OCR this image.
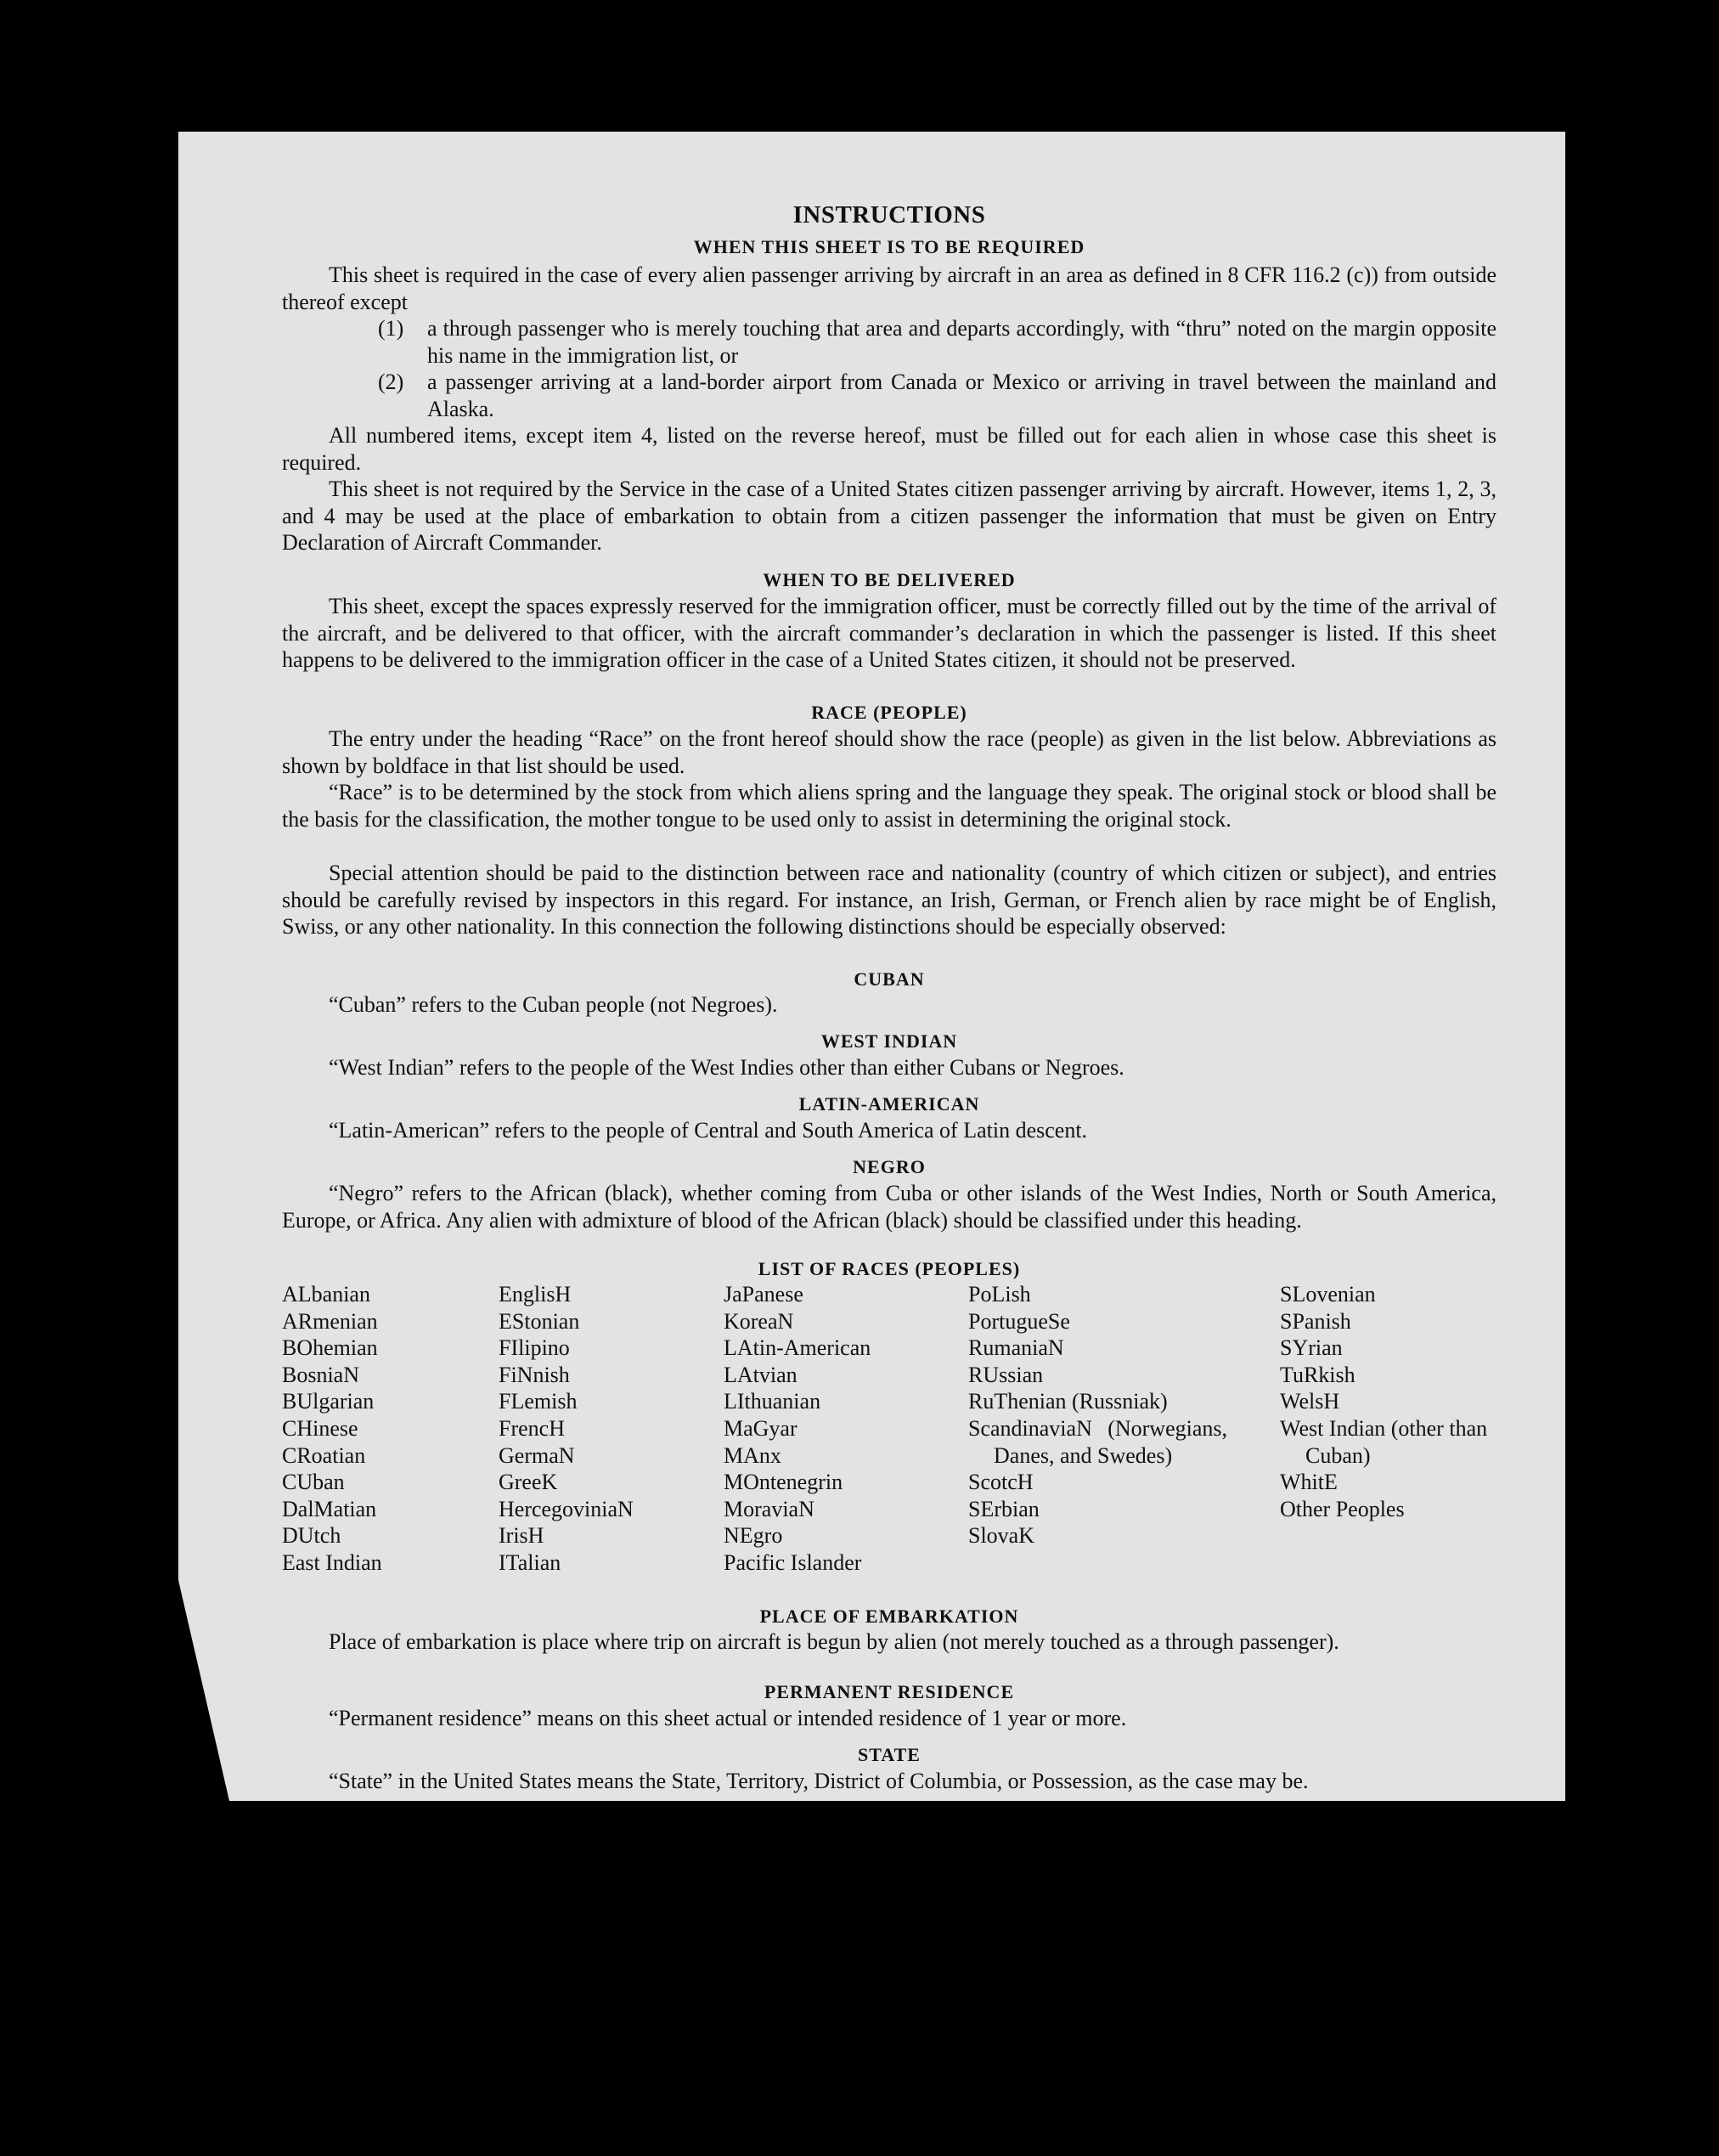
INSTRUCTIONS
WHEN THIS SHEET IS TO BE REQUIRED

This sheet is required in the case of every alien passenger arriving by aircraft in an area as defined in 8 CFR 116.2 (c)) from outside thereof except

(1) a through passenger who is merely touching that area and departs accordingly, with “thru” noted on the margin opposite his name in the immigration list, or

(2) a passenger arriving at a land-border airport from Canada or Mexico or arriving in travel between the mainland and Alaska.

All numbered items, except item 4, listed on the reverse hereof, must be filled out for each alien in whose case this sheet is required.

This sheet is not required by the Service in the case of a United States citizen passenger arriving by aircraft. However, items 1, 2, 3, and 4 may be used at the place of embarkation to obtain from a citizen passenger the information that must be given on Entry Declaration of Aircraft Commander.

WHEN TO BE DELIVERED

This sheet, except the spaces expressly reserved for the immigration officer, must be correctly filled out by the time of the arrival of the aircraft, and be delivered to that officer, with the aircraft commander’s declaration in which the passenger is listed. If this sheet happens to be delivered to the immigration officer in the case of a United States citizen, it should not be preserved.

RACE (PEOPLE)

The entry under the heading “Race” on the front hereof should show the race (people) as given in the list below. Abbreviations as shown by boldface in that list should be used.

“Race” is to be determined by the stock from which aliens spring and the language they speak. The original stock or blood shall be the basis for the classification, the mother tongue to be used only to assist in determining the original stock.

Special attention should be paid to the distinction between race and nationality (country of which citizen or subject), and entries should be carefully revised by inspectors in this regard. For instance, an Irish, German, or French alien by race might be of English, Swiss, or any other nationality. In this connection the following distinctions should be especially observed:

CUBAN

“Cuban” refers to the Cuban people (not Negroes).

WEST INDIAN

“West Indian” refers to the people of the West Indies other than either Cubans or Negroes.

LATIN-AMERICAN

“Latin-American” refers to the people of Central and South America of Latin descent.

NEGRO

“Negro” refers to the African (black), whether coming from Cuba or other islands of the West Indies, North or South America, Europe, or Africa. Any alien with admixture of blood of the African (black) should be classified under this heading.

LIST OF RACES (PEOPLES)
ALbanian
ARmenian
BOhemian
BosniaN
BUlgarian
CHinese
CRoatian
CUban
DalMatian
DUtch
East Indian
EnglisH
EStonian
FIlipino
FiNnish
FLemish
FrencH
GermaN
GreeK
HercegoviniaN
IrisH
ITalian
JaPanese
KoreaN
LAtin-American
LAtvian
LIthuanian
MaGyar
MAnx
MOntenegrin
MoraviaN
NEgro
Pacific Islander
PoLish
PortugueSe
RumaniaN
RUssian
RuThenian (Russniak)
ScandinaviaN (Norwegians, Danes, and Swedes)
ScotcH
SErbian
SlovaK
SLovenian
SPanish
SYrian
TuRkish
WelsH
West Indian (other than Cuban)
WhitE
Other Peoples
PLACE OF EMBARKATION

Place of embarkation is place where trip on aircraft is begun by alien (not merely touched as a through passenger).

PERMANENT RESIDENCE

“Permanent residence” means on this sheet actual or intended residence of 1 year or more.

STATE

“State” in the United States means the State, Territory, District of Columbia, or Possession, as the case may be.
